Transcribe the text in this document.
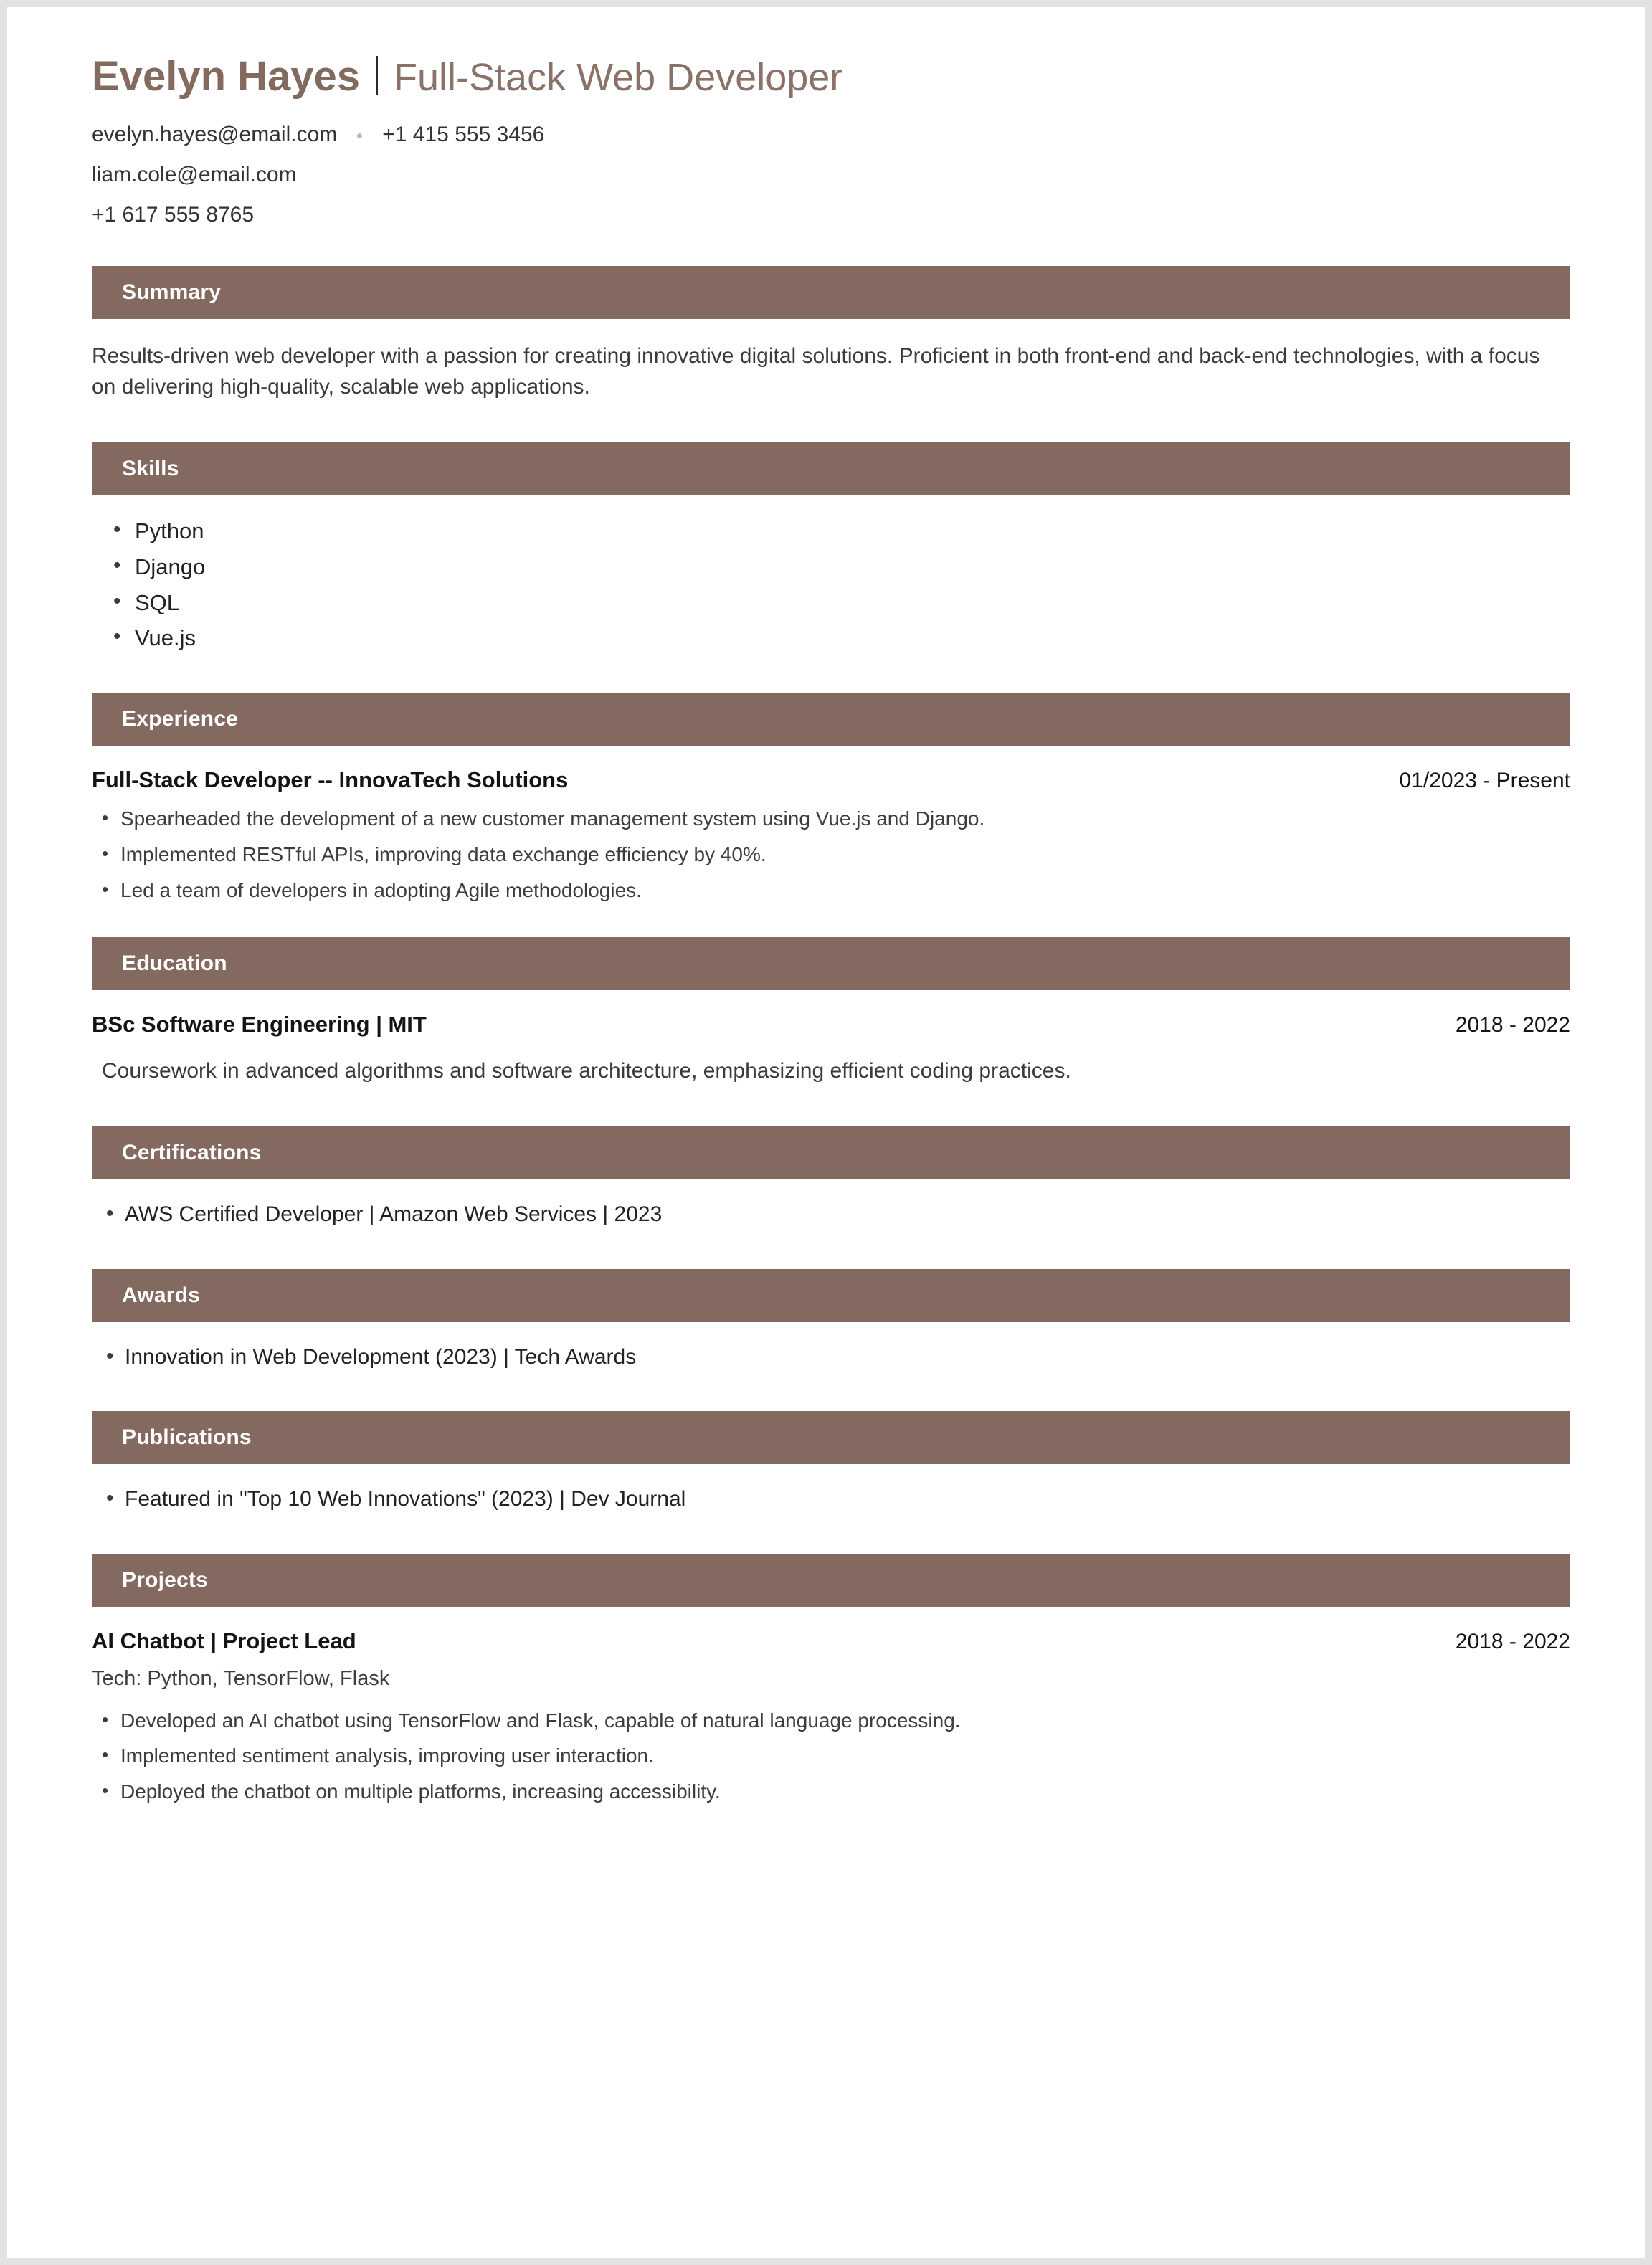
Evelyn Hayes Full-Stack Web Developer
evelyn.hayes@email.com +1 415 555 3456
liam.cole@email.com
+1 617 555 8765
Summary
Results-driven web developer with a passion for creating innovative digital solutions. Proficient in both front-end and back-end technologies, with a focus on delivering high-quality, scalable web applications.
Skills
• Python
• Django
• SQL
• Vue.js
Experience
Full-Stack Developer -- InnovaTech Solutions	01/2023 - Present
• Spearheaded the development of a new customer management system using Vue.js and Django.
• Implemented RESTful APIs, improving data exchange efficiency by 40%.
• Led a team of developers in adopting Agile methodologies.
Education
BSc Software Engineering | MIT	2018 - 2022
Coursework in advanced algorithms and software architecture, emphasizing efficient coding practices.
Certifications
• AWS Certified Developer | Amazon Web Services | 2023
Awards
• Innovation in Web Development (2023) | Tech Awards
Publications
• Featured in "Top 10 Web Innovations" (2023) | Dev Journal
Projects
AI Chatbot | Project Lead	2018 - 2022
Tech: Python, TensorFlow, Flask
• Developed an AI chatbot using TensorFlow and Flask, capable of natural language processing.
• Implemented sentiment analysis, improving user interaction.
• Deployed the chatbot on multiple platforms, increasing accessibility.
